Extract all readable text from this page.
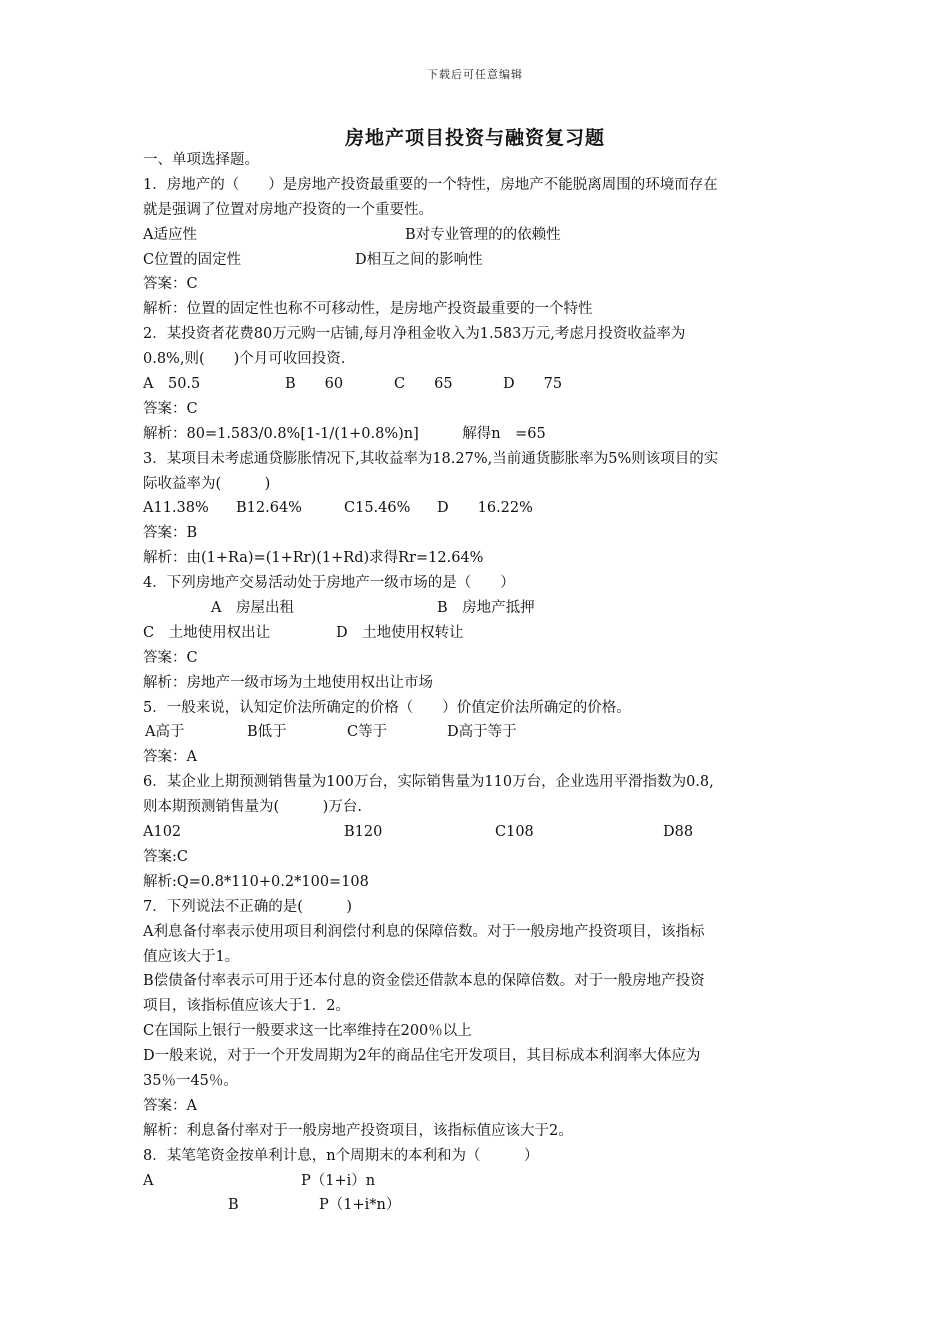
下载后可任意编辑
房地产项目投资与融资复习题
一、单项选择题。
1．房地产的（　　）是房地产投资最重要的一个特性，房地产不能脱离周围的环境而存在
就是强调了位置对房地产投资的一个重要性。

A适应性

	B对专业管理的的依赖性

C位置的固定性

	D相互之间的影响性

答案：C
解析：位置的固定性也称不可移动性，是房地产投资最重要的一个特性
2．某投资者花费80万元购一店铺,每月净租金收入为1.583万元,考虑月投资收益率为
0.8%,则(　　)个月可收回投资.

A　50.5

	B　　60

	C　　65

	D　　75

答案：C
解析：80=1.583/0.8%[1-1/(1+0.8%)n]　　　解得n　=65
3．某项目未考虑通贷膨胀情况下,其收益率为18.27%,当前通货膨胀率为5%则该项目的实
际收益率为(　　　)

A11.38%

B12.64%

	C15.46%

D　　16.22%

答案：B
解析：由(1+Ra)=(1+Rr)(1+Rd)求得Rr=12.64%
4．下列房地产交易活动处于房地产一级市场的是（　　）

A　房屋出租

	B　房地产抵押

C　土地使用权出让

	D　土地使用权转让

答案：C
解析：房地产一级市场为土地使用权出让市场
5．一般来说，认知定价法所确定的价格（　　）价值定价法所确定的价格。

A高于

	B低于

	C等于

	D高于等于

答案：A
6．某企业上期预测销售量为100万台，实际销售量为110万台，企业选用平滑指数为0.8,
则本期预测销售量为(　　　)万台.

A102

	B120

	C108

	D88

答案:C
解析:Q=0.8*110+0.2*100=108
7．下列说法不正确的是(　　　)
A利息备付率表示使用项目利润偿付利息的保障倍数。对于一般房地产投资项目，该指标
值应该大于1。
B偿债备付率表示可用于还本付息的资金偿还借款本息的保障倍数。对于一般房地产投资
项目，该指标值应该大于1．2。
C在国际上银行一般要求这一比率维持在200％以上
D一般来说，对于一个开发周期为2年的商品住宅开发项目，其目标成本利润率大体应为
35％一45％。
答案：A
解析：利息备付率对于一般房地产投资项目，该指标值应该大于2。
8．某笔笔资金按单利计息，n个周期末的本利和为（　　　）

A

	P（1+i）n

B

	P（1+i*n）
